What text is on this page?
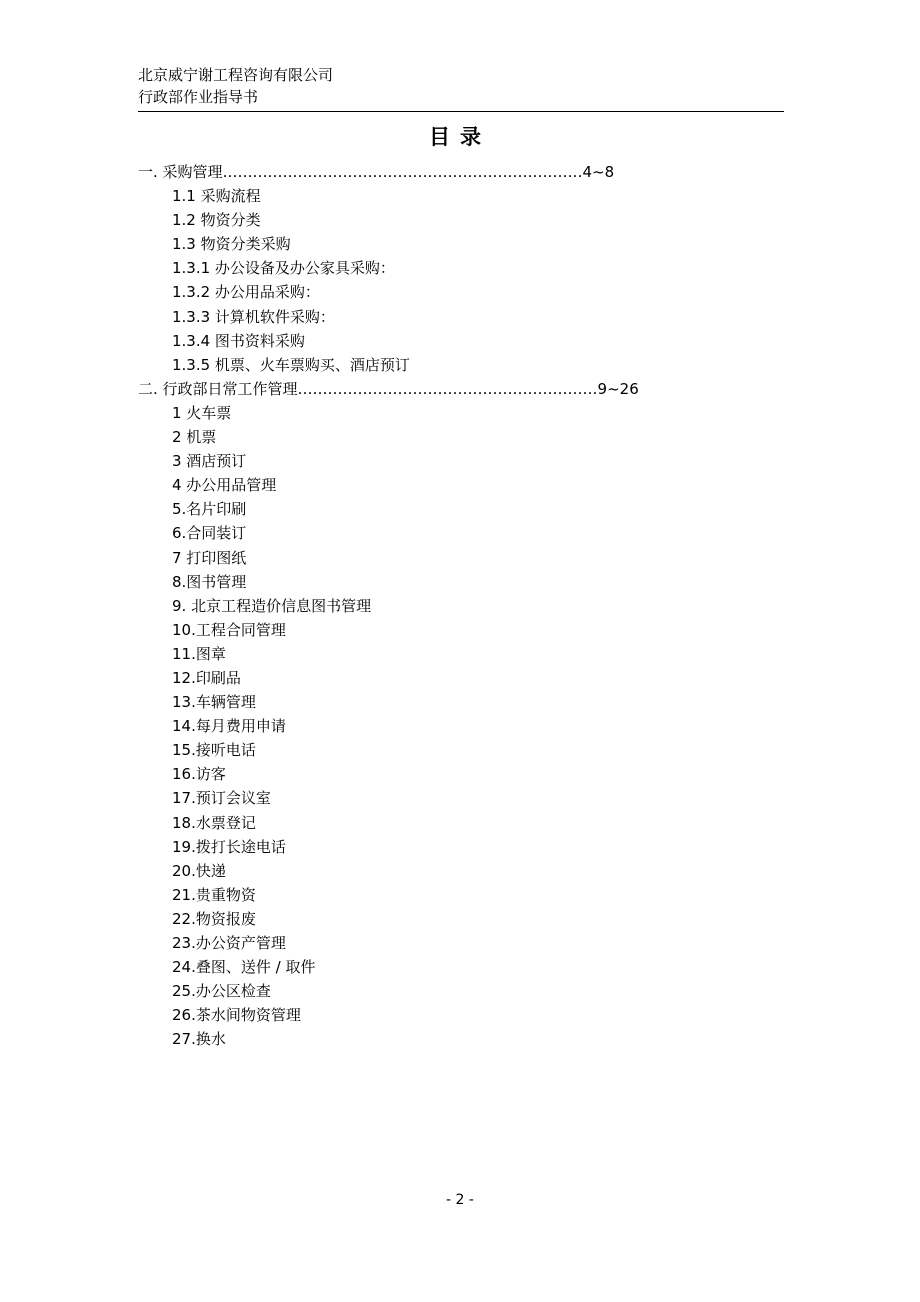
北京威宁谢工程咨询有限公司
行政部作业指导书
目录
一. 采购管理………………………………………………………………4~8
1.1 采购流程
1.2 物资分类
1.3 物资分类采购
1.3.1 办公设备及办公家具采购：
1.3.2 办公用品采购：
1.3.3 计算机软件采购：
1.3.4 图书资料采购
1.3.5 机票、火车票购买、酒店预订
二. 行政部日常工作管理……………………………………………………9~26
1 火车票
2 机票
3 酒店预订
4 办公用品管理
5.名片印刷
6.合同装订
7 打印图纸
8.图书管理
9. 北京工程造价信息图书管理
10.工程合同管理
11.图章
12.印刷品
13.车辆管理
14.每月费用申请
15.接听电话
16.访客
17.预订会议室
18.水票登记
19.拨打长途电话
20.快递
21.贵重物资
22.物资报废
23.办公资产管理
24.叠图、送件 / 取件
25.办公区检查
26.茶水间物资管理
27.换水
- 2 -
